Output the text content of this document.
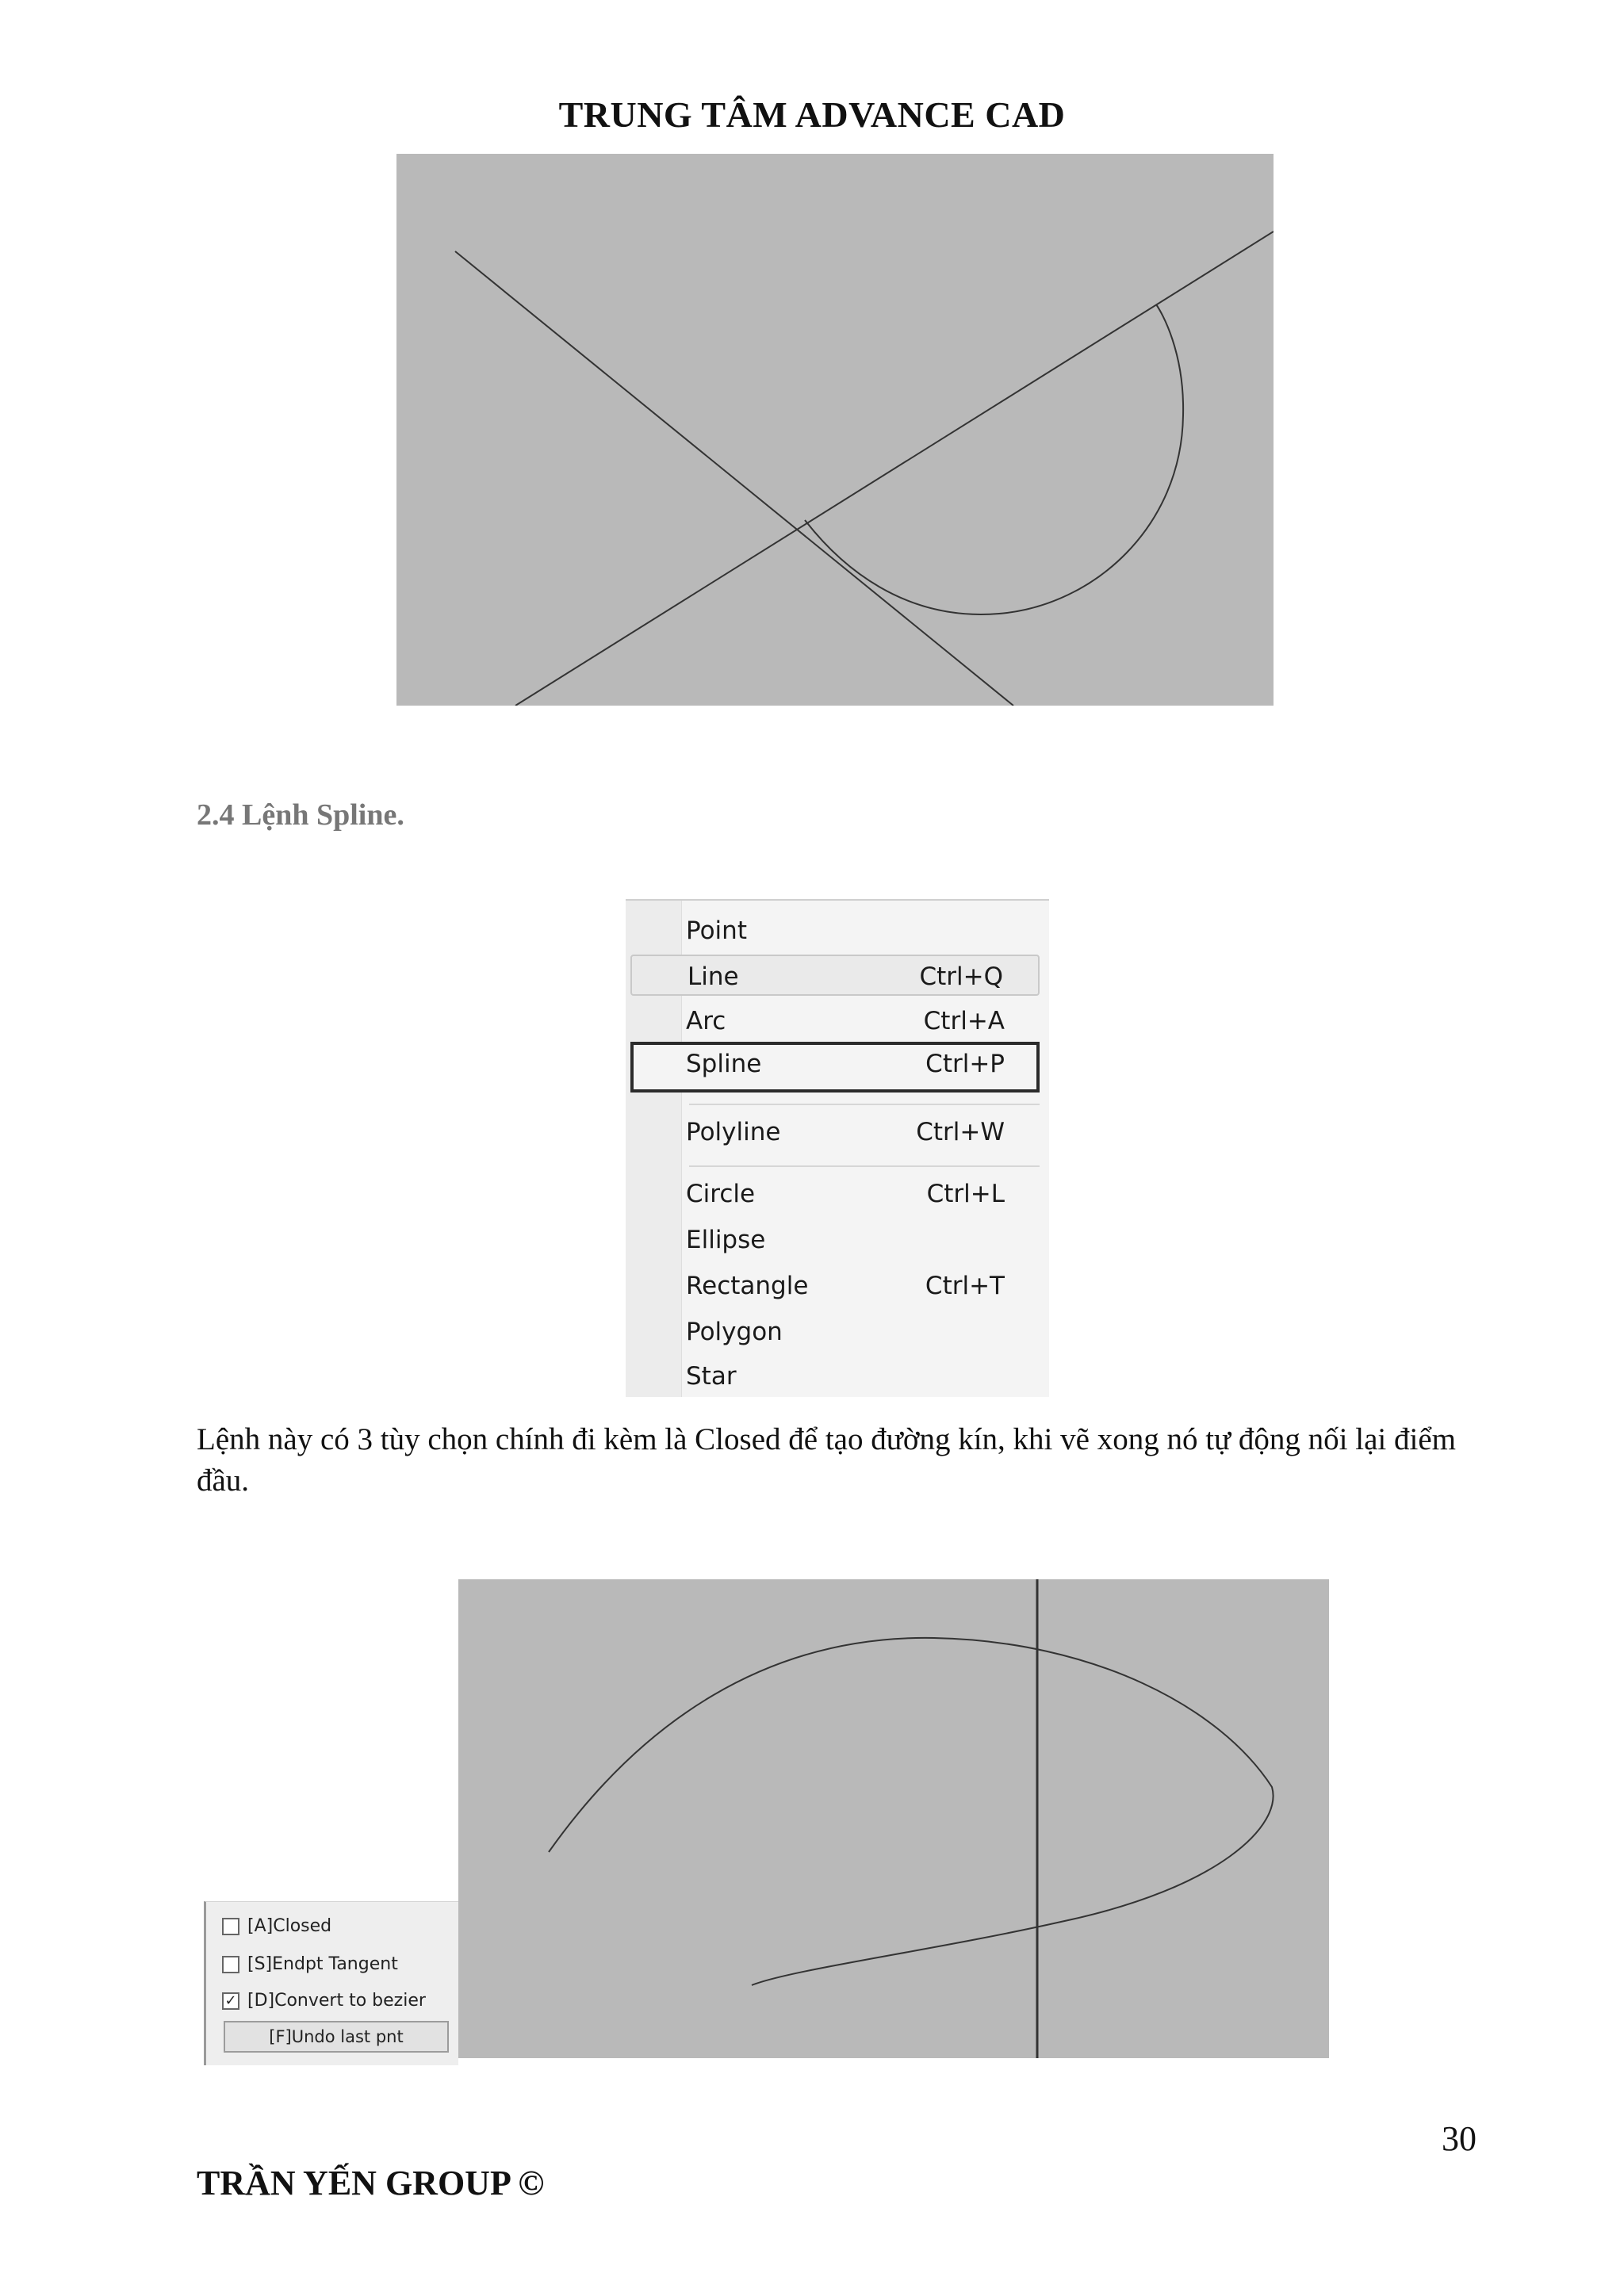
TRUNG TÂM ADVANCE CAD
2.4 Lệnh Spline.
Point
Line	Ctrl+Q
Arc	Ctrl+A
Spline	Ctrl+P
Polyline	Ctrl+W
Circle	Ctrl+L
Ellipse
Rectangle	Ctrl+T
Polygon
Star
Lệnh này có 3 tùy chọn chính đi kèm là Closed để tạo đường kín, khi vẽ xong nó tự động nối lại điểm đầu.
[A]Closed
[S]Endpt Tangent
✓ [D]Convert to bezier
[F]Undo last pnt
30
TRẦN YẾN GROUP ©
